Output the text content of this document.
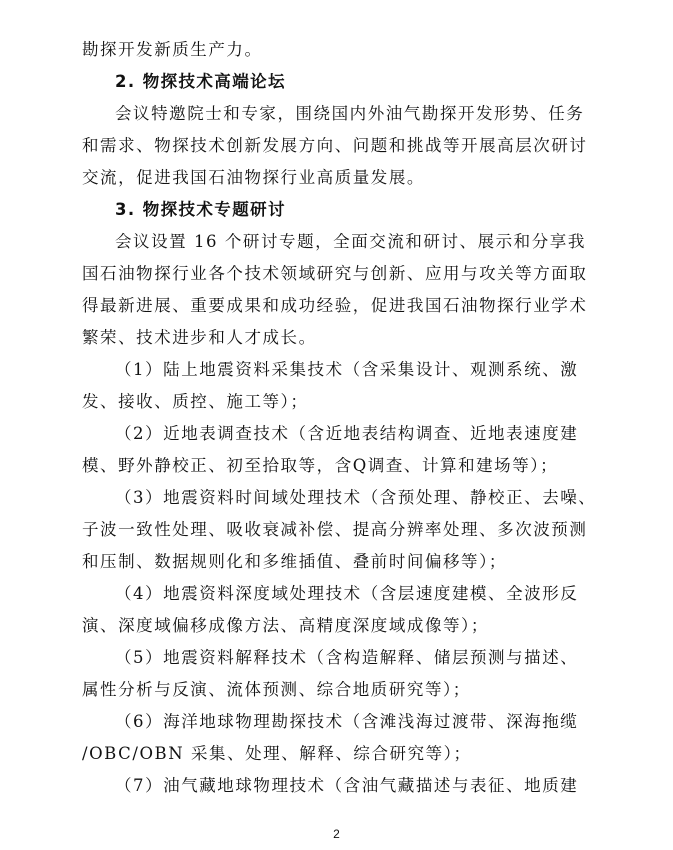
勘探开发新质生产力。
2. 物探技术高端论坛
会议特邀院士和专家，围绕国内外油气勘探开发形势、任务
和需求、物探技术创新发展方向、问题和挑战等开展高层次研讨
交流，促进我国石油物探行业高质量发展。
3. 物探技术专题研讨
会议设置 16 个研讨专题，全面交流和研讨、展示和分享我
国石油物探行业各个技术领域研究与创新、应用与攻关等方面取
得最新进展、重要成果和成功经验，促进我国石油物探行业学术
繁荣、技术进步和人才成长。
（1）陆上地震资料采集技术（含采集设计、观测系统、激
发、接收、质控、施工等）；
（2）近地表调查技术（含近地表结构调查、近地表速度建
模、野外静校正、初至拾取等，含Q调查、计算和建场等）；
（3）地震资料时间域处理技术（含预处理、静校正、去噪、
子波一致性处理、吸收衰减补偿、提高分辨率处理、多次波预测
和压制、数据规则化和多维插值、叠前时间偏移等）；
（4）地震资料深度域处理技术（含层速度建模、全波形反
演、深度域偏移成像方法、高精度深度域成像等）；
（5）地震资料解释技术（含构造解释、储层预测与描述、
属性分析与反演、流体预测、综合地质研究等）；
（6）海洋地球物理勘探技术（含滩浅海过渡带、深海拖缆
/OBC/OBN 采集、处理、解释、综合研究等）；
（7）油气藏地球物理技术（含油气藏描述与表征、地质建
2
